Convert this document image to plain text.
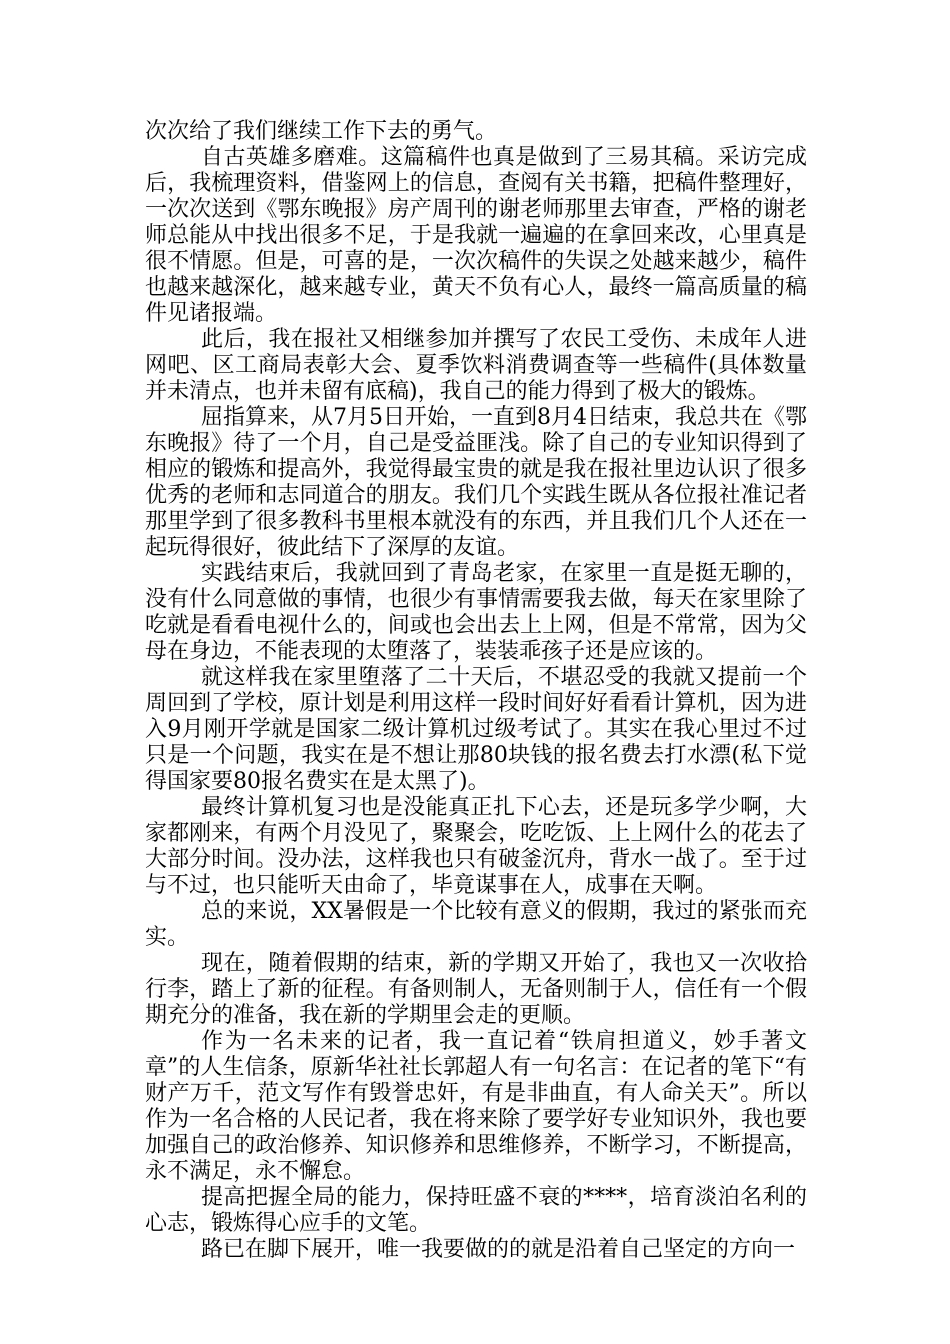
次次给了我们继续工作下去的勇气。

自古英雄多磨难。这篇稿件也真是做到了三易其稿。采访完成后，我梳理资料，借鉴网上的信息，查阅有关书籍，把稿件整理好，一次次送到《鄂东晚报》房产周刊的谢老师那里去审查，严格的谢老师总能从中找出很多不足，于是我就一遍遍的在拿回来改，心里真是很不情愿。但是，可喜的是，一次次稿件的失误之处越来越少，稿件也越来越深化，越来越专业，黄天不负有心人，最终一篇高质量的稿件见诸报端。

此后，我在报社又相继参加并撰写了农民工受伤、未成年人进网吧、区工商局表彰大会、夏季饮料消费调查等一些稿件(具体数量并未清点，也并未留有底稿)，我自己的能力得到了极大的锻炼。

屈指算来，从7月5日开始，一直到8月4日结束，我总共在《鄂东晚报》待了一个月，自己是受益匪浅。除了自己的专业知识得到了相应的锻炼和提高外，我觉得最宝贵的就是我在报社里边认识了很多优秀的老师和志同道合的朋友。我们几个实践生既从各位报社准记者那里学到了很多教科书里根本就没有的东西，并且我们几个人还在一起玩得很好，彼此结下了深厚的友谊。

实践结束后，我就回到了青岛老家，在家里一直是挺无聊的，没有什么同意做的事情，也很少有事情需要我去做，每天在家里除了吃就是看看电视什么的，间或也会出去上上网，但是不常常，因为父母在身边，不能表现的太堕落了，装装乖孩子还是应该的。

就这样我在家里堕落了二十天后，不堪忍受的我就又提前一个周回到了学校，原计划是利用这样一段时间好好看看计算机，因为进入9月刚开学就是国家二级计算机过级考试了。其实在我心里过不过只是一个问题，我实在是不想让那80块钱的报名费去打水漂(私下觉得国家要80报名费实在是太黑了)。

最终计算机复习也是没能真正扎下心去，还是玩多学少啊，大家都刚来，有两个月没见了，聚聚会，吃吃饭、上上网什么的花去了大部分时间。没办法，这样我也只有破釜沉舟，背水一战了。至于过与不过，也只能听天由命了，毕竟谋事在人，成事在天啊。

总的来说，XX暑假是一个比较有意义的假期，我过的紧张而充实。

现在，随着假期的结束，新的学期又开始了，我也又一次收拾行李，踏上了新的征程。有备则制人，无备则制于人，信任有一个假期充分的准备，我在新的学期里会走的更顺。

作为一名未来的记者，我一直记着“铁肩担道义，妙手著文章”的人生信条，原新华社社长郭超人有一句名言：在记者的笔下“有财产万千，范文写作有毁誉忠奸，有是非曲直，有人命关天”。所以作为一名合格的人民记者，我在将来除了要学好专业知识外，我也要加强自己的政治修养、知识修养和思维修养，不断学习，不断提高，永不满足，永不懈怠。

提高把握全局的能力，保持旺盛不衰的****，培育淡泊名利的心志，锻炼得心应手的文笔。

路已在脚下展开，唯一我要做的的就是沿着自己坚定的方向一
